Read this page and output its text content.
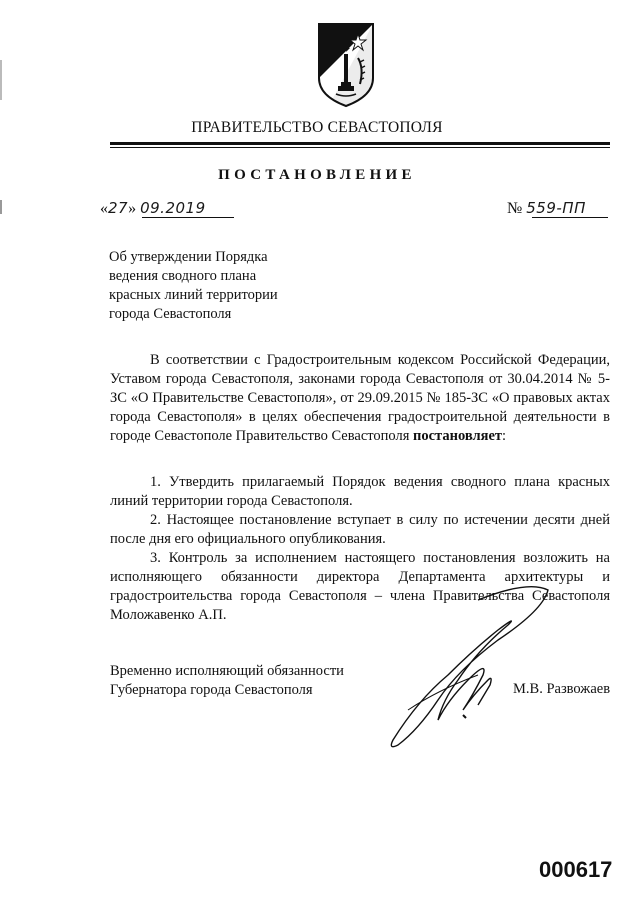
ПРАВИТЕЛЬСТВО СЕВАСТОПОЛЯ
ПОСТАНОВЛЕНИЕ
«27» 09.2019	№ 559-ПП
Об утверждении Порядка
ведения сводного плана
красных линий территории
города Севастополя

В соответствии с Градостроительным кодексом Российской Федерации, Уставом города Севастополя, законами города Севастополя от 30.04.2014 № 5-ЗС «О Правительстве Севастополя», от 29.09.2015 № 185-ЗС «О правовых актах города Севастополя» в целях обеспечения градостроительной деятельности в городе Севастополе Правительство Севастополя постановляет:

1. Утвердить прилагаемый Порядок ведения сводного плана красных линий территории города Севастополя.

2. Настоящее постановление вступает в силу по истечении десяти дней после дня его официального опубликования.

3. Контроль за исполнением настоящего постановления возложить на исполняющего обязанности директора Департамента архитектуры и градостроительства города Севастополя – члена Правительства Севастополя Моложавенко А.П.

Временно исполняющий обязанности
Губернатора города Севастополя	М.В. Развожаев
000617
